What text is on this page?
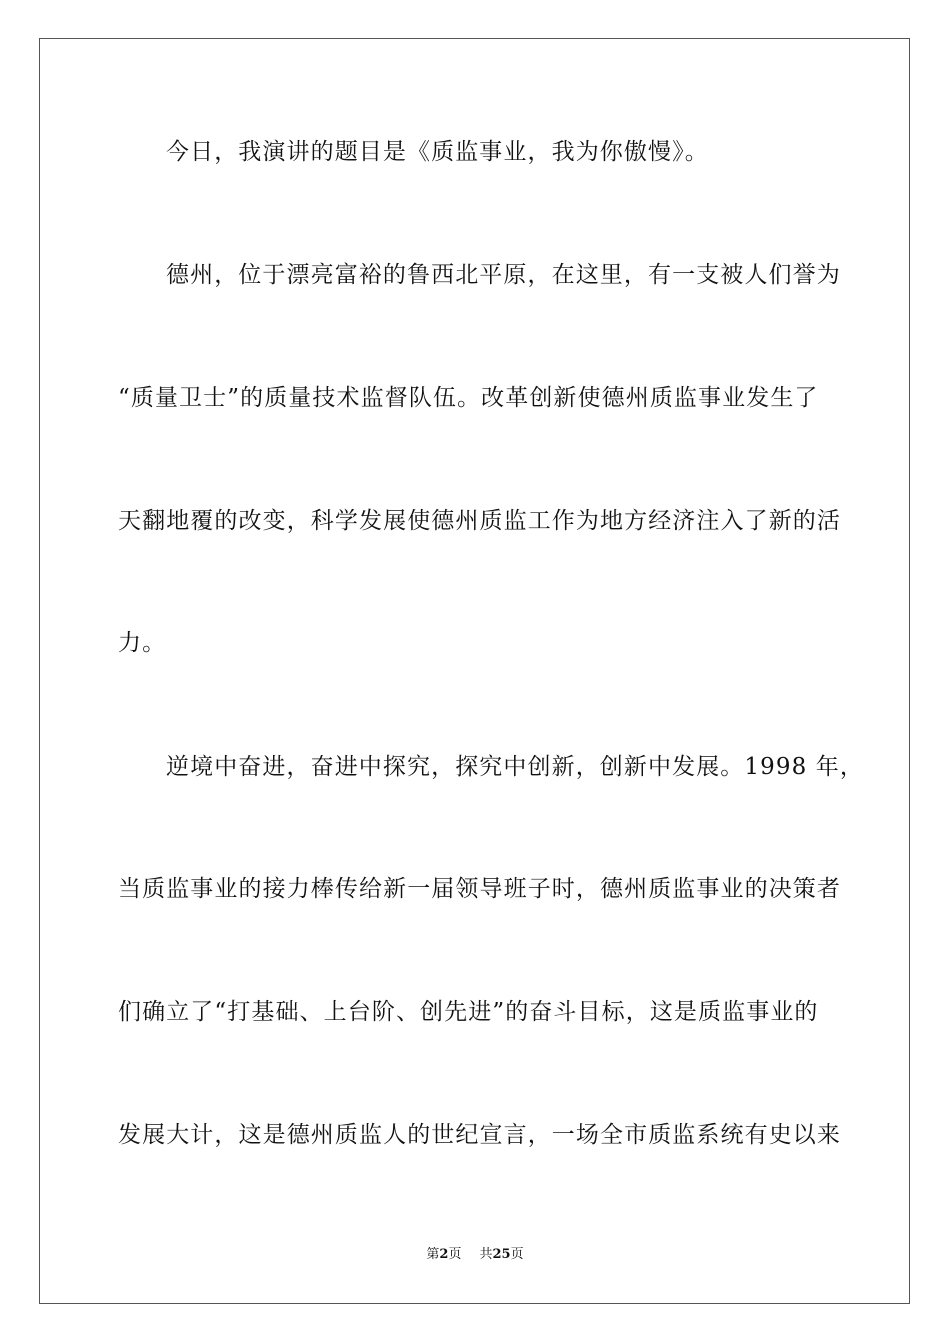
今日，我演讲的题目是《质监事业，我为你傲慢》。
德州，位于漂亮富裕的鲁西北平原，在这里，有一支被人们誉为
“质量卫士”的质量技术监督队伍。改革创新使德州质监事业发生了
天翻地覆的改变，科学发展使德州质监工作为地方经济注入了新的活
力。
逆境中奋进，奋进中探究，探究中创新，创新中发展。1998 年，
当质监事业的接力棒传给新一届领导班子时，德州质监事业的决策者
们确立了“打基础、上台阶、创先进”的奋斗目标，这是质监事业的
发展大计，这是德州质监人的世纪宣言，一场全市质监系统有史以来
第2页 共25页
